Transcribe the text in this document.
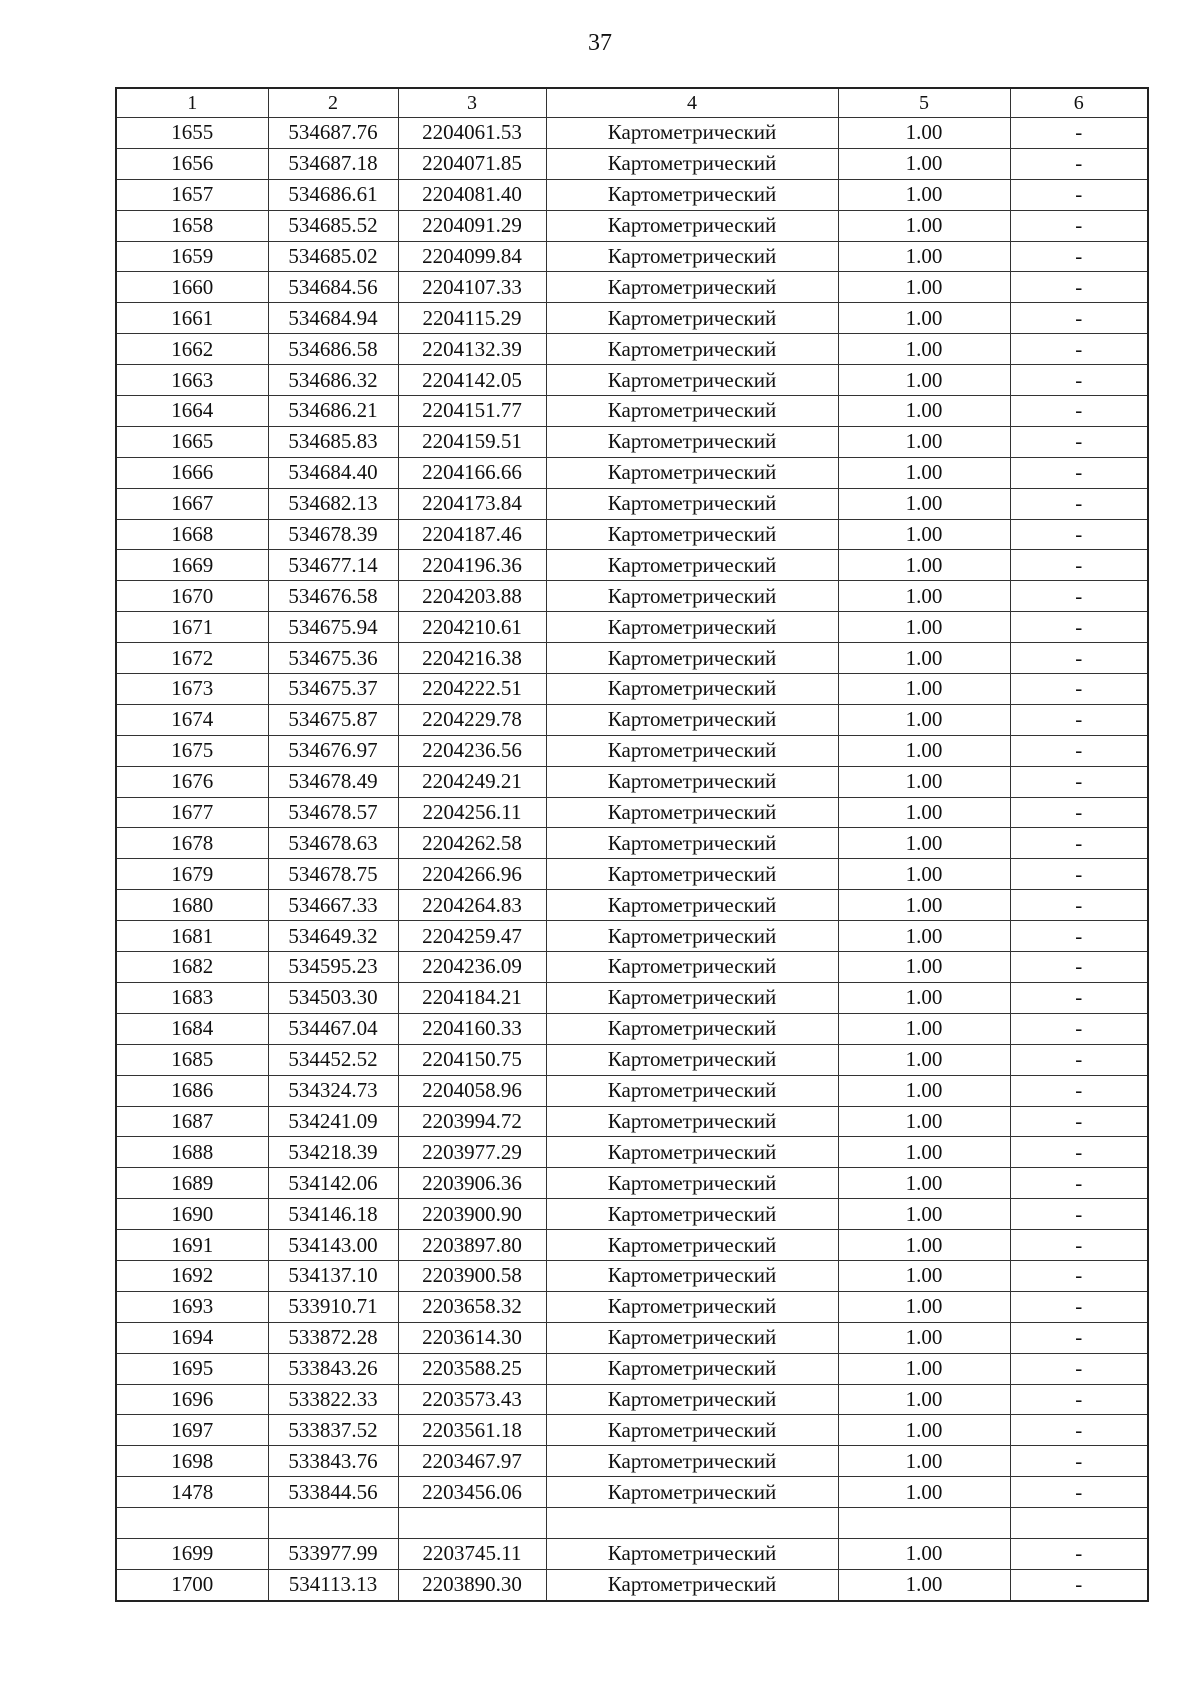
37
1	2	3	4	5	6
1655	534687.76	2204061.53	Картометрический	1.00	-
1656	534687.18	2204071.85	Картометрический	1.00	-
1657	534686.61	2204081.40	Картометрический	1.00	-
1658	534685.52	2204091.29	Картометрический	1.00	-
1659	534685.02	2204099.84	Картометрический	1.00	-
1660	534684.56	2204107.33	Картометрический	1.00	-
1661	534684.94	2204115.29	Картометрический	1.00	-
1662	534686.58	2204132.39	Картометрический	1.00	-
1663	534686.32	2204142.05	Картометрический	1.00	-
1664	534686.21	2204151.77	Картометрический	1.00	-
1665	534685.83	2204159.51	Картометрический	1.00	-
1666	534684.40	2204166.66	Картометрический	1.00	-
1667	534682.13	2204173.84	Картометрический	1.00	-
1668	534678.39	2204187.46	Картометрический	1.00	-
1669	534677.14	2204196.36	Картометрический	1.00	-
1670	534676.58	2204203.88	Картометрический	1.00	-
1671	534675.94	2204210.61	Картометрический	1.00	-
1672	534675.36	2204216.38	Картометрический	1.00	-
1673	534675.37	2204222.51	Картометрический	1.00	-
1674	534675.87	2204229.78	Картометрический	1.00	-
1675	534676.97	2204236.56	Картометрический	1.00	-
1676	534678.49	2204249.21	Картометрический	1.00	-
1677	534678.57	2204256.11	Картометрический	1.00	-
1678	534678.63	2204262.58	Картометрический	1.00	-
1679	534678.75	2204266.96	Картометрический	1.00	-
1680	534667.33	2204264.83	Картометрический	1.00	-
1681	534649.32	2204259.47	Картометрический	1.00	-
1682	534595.23	2204236.09	Картометрический	1.00	-
1683	534503.30	2204184.21	Картометрический	1.00	-
1684	534467.04	2204160.33	Картометрический	1.00	-
1685	534452.52	2204150.75	Картометрический	1.00	-
1686	534324.73	2204058.96	Картометрический	1.00	-
1687	534241.09	2203994.72	Картометрический	1.00	-
1688	534218.39	2203977.29	Картометрический	1.00	-
1689	534142.06	2203906.36	Картометрический	1.00	-
1690	534146.18	2203900.90	Картометрический	1.00	-
1691	534143.00	2203897.80	Картометрический	1.00	-
1692	534137.10	2203900.58	Картометрический	1.00	-
1693	533910.71	2203658.32	Картометрический	1.00	-
1694	533872.28	2203614.30	Картометрический	1.00	-
1695	533843.26	2203588.25	Картометрический	1.00	-
1696	533822.33	2203573.43	Картометрический	1.00	-
1697	533837.52	2203561.18	Картометрический	1.00	-
1698	533843.76	2203467.97	Картометрический	1.00	-
1478	533844.56	2203456.06	Картометрический	1.00	-

1699	533977.99	2203745.11	Картометрический	1.00	-
1700	534113.13	2203890.30	Картометрический	1.00	-
